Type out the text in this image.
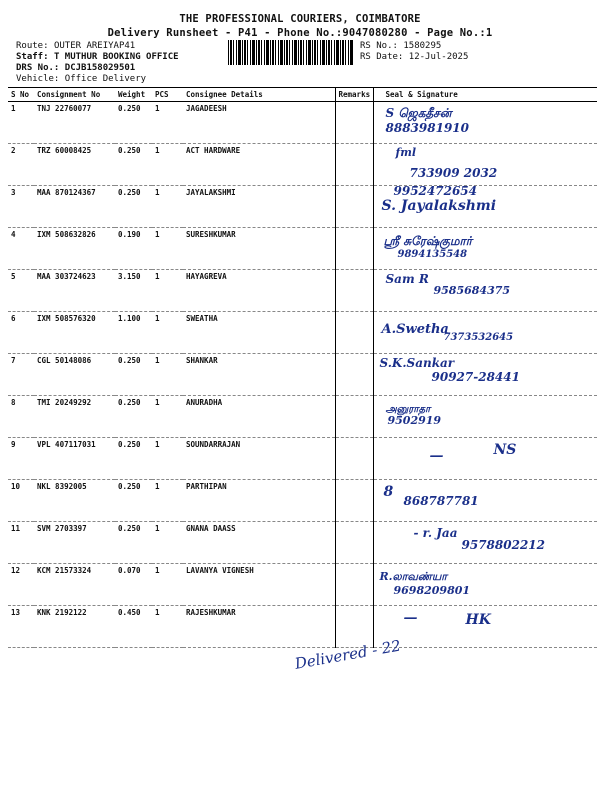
THE PROFESSIONAL COURIERS, COIMBATORE
Delivery Runsheet - P41 - Phone No.:9047080280 - Page No.:1
Route: OUTER AREIYAP41
Staff: T MUTHUR BOOKING OFFICE
DRS No.: DCJB158029501
Vehicle: Office Delivery
RS No.: 1580295
RS Date: 12-Jul-2025
S No	Consignment No	Weight	PCS	Consignee Details	Remarks	Seal & Signature
1	TNJ 22760077	0.250	1	JAGADEESH		S ஜெகதீசன்
8883981910

2	TRZ 60008425	0.250	1	ACT HARDWARE		fml
733909 2032

3	MAA 870124367	0.250	1	JAYALAKSHMI		9952472654
S. Jayalakshmi

4	IXM 508632826	0.190	1	SURESHKUMAR		ஸ்ரீ சுரேஷ்குமார்
9894135548

5	MAA 303724623	3.150	1	HAYAGREVA		Sam R
9585684375

6	IXM 508576320	1.100	1	SWEATHA		A.Swetha
7373532645

7	CGL 50148086	0.250	1	SHANKAR		S.K.Sankar
90927-28441

8	TMI 20249292	0.250	1	ANURADHA		அனுராதா
9502919

9	VPL 407117031	0.250	1	SOUNDARRAJAN		— NS

10	NKL 8392005	0.250	1	PARTHIPAN		8
868787781

11	SVM 2703397	0.250	1	GNANA DAASS		- r. Jaa
9578802212

12	KCM 21573324	0.070	1	LAVANYA VIGNESH		R.லாவண்யா
9698209801

13	KNK 2192122	0.450	1	RAJESHKUMAR		— HK
Delivered - 22
